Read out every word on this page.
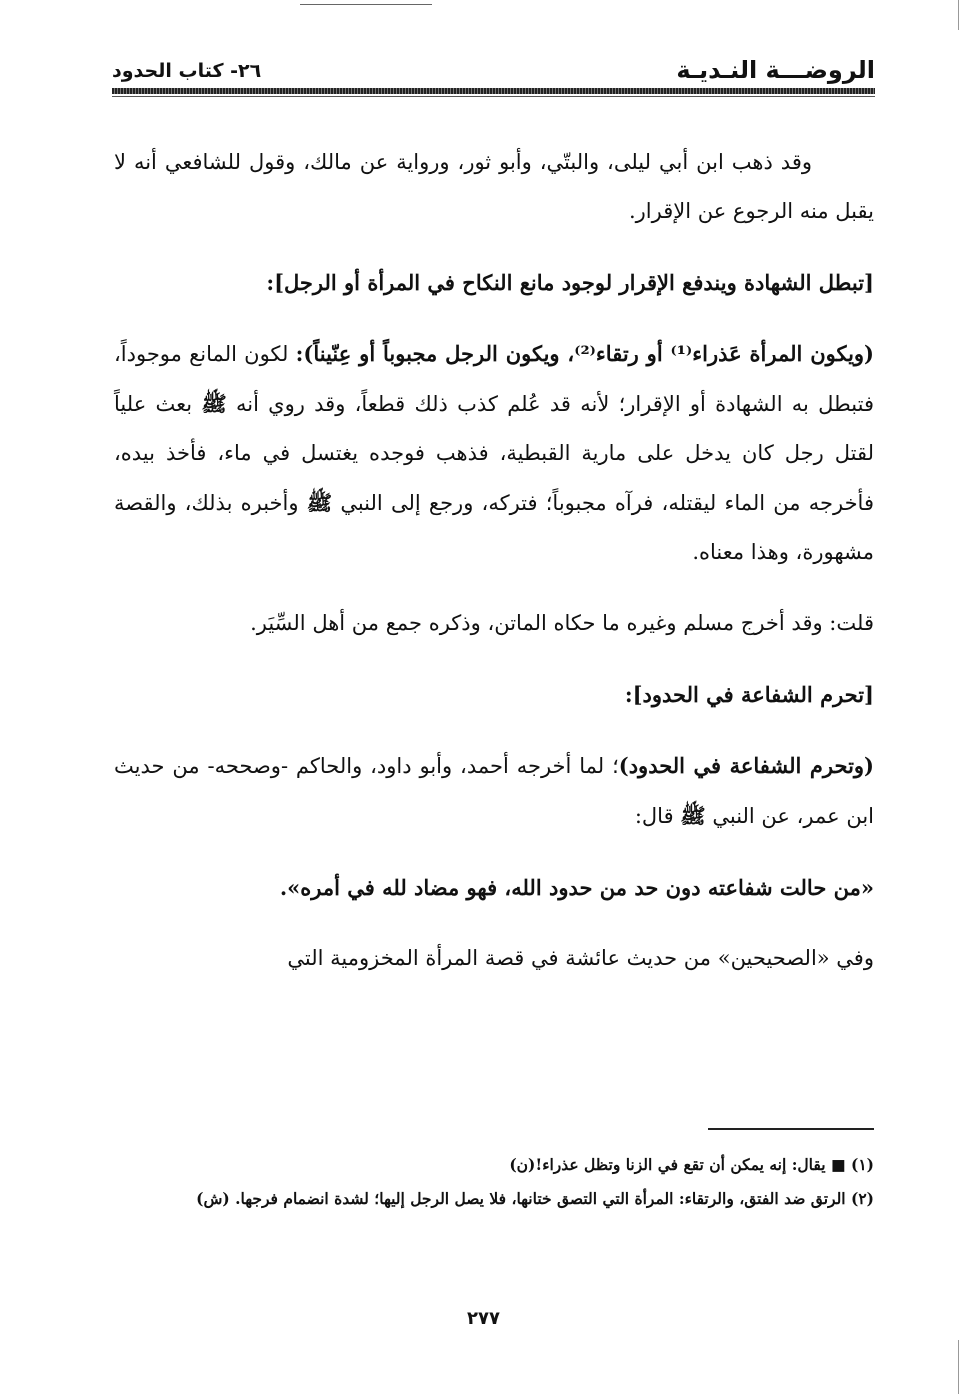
الروضـــة النـديـة
٢٦- كتاب الحدود

وقد ذهب ابن أبي ليلى، والبتّي، وأبو ثور، ورواية عن مالك، وقول للشافعي أنه لا يقبل منه الرجوع عن الإقرار.

[تبطل الشهادة ويندفع الإقرار لوجود مانع النكاح في المرأة أو الرجل]:

(ويكون المرأة عَذراء⁽¹⁾ أو رتقاء⁽²⁾، ويكون الرجل مجبوباً أو عِنّيناً): لكون المانع موجوداً، فتبطل به الشهادة أو الإقرار؛ لأنه قد عُلم كذب ذلك قطعاً، وقد روي أنه ﷺ بعث علياً لقتل رجل كان يدخل على مارية القبطية، فذهب فوجده يغتسل في ماء، فأخذ بيده، فأخرجه من الماء ليقتله، فرآه مجبوباً؛ فتركه، ورجع إلى النبي ﷺ وأخبره بذلك، والقصة مشهورة، وهذا معناه.

قلت: وقد أخرج مسلم وغيره ما حكاه الماتن، وذكره جمع من أهل السِّيَر.

[تحرم الشفاعة في الحدود]:

(وتحرم الشفاعة في الحدود)؛ لما أخرجه أحمد، وأبو داود، والحاكم -وصححه- من حديث ابن عمر، عن النبي ﷺ قال:

«من حالت شفاعته دون حد من حدود الله، فهو مضاد لله في أمره».

وفي «الصحيحين» من حديث عائشة في قصة المرأة المخزومية التي

(١) ■ يقال: إنه يمكن أن تقع في الزنا وتظل عذراء!(ن)

(٢) الرتق ضد الفتق، والرتقاء: المرأة التي التصق ختانها، فلا يصل الرجل إليها؛ لشدة انضمام فرجها. (ش)

٢٧٧
